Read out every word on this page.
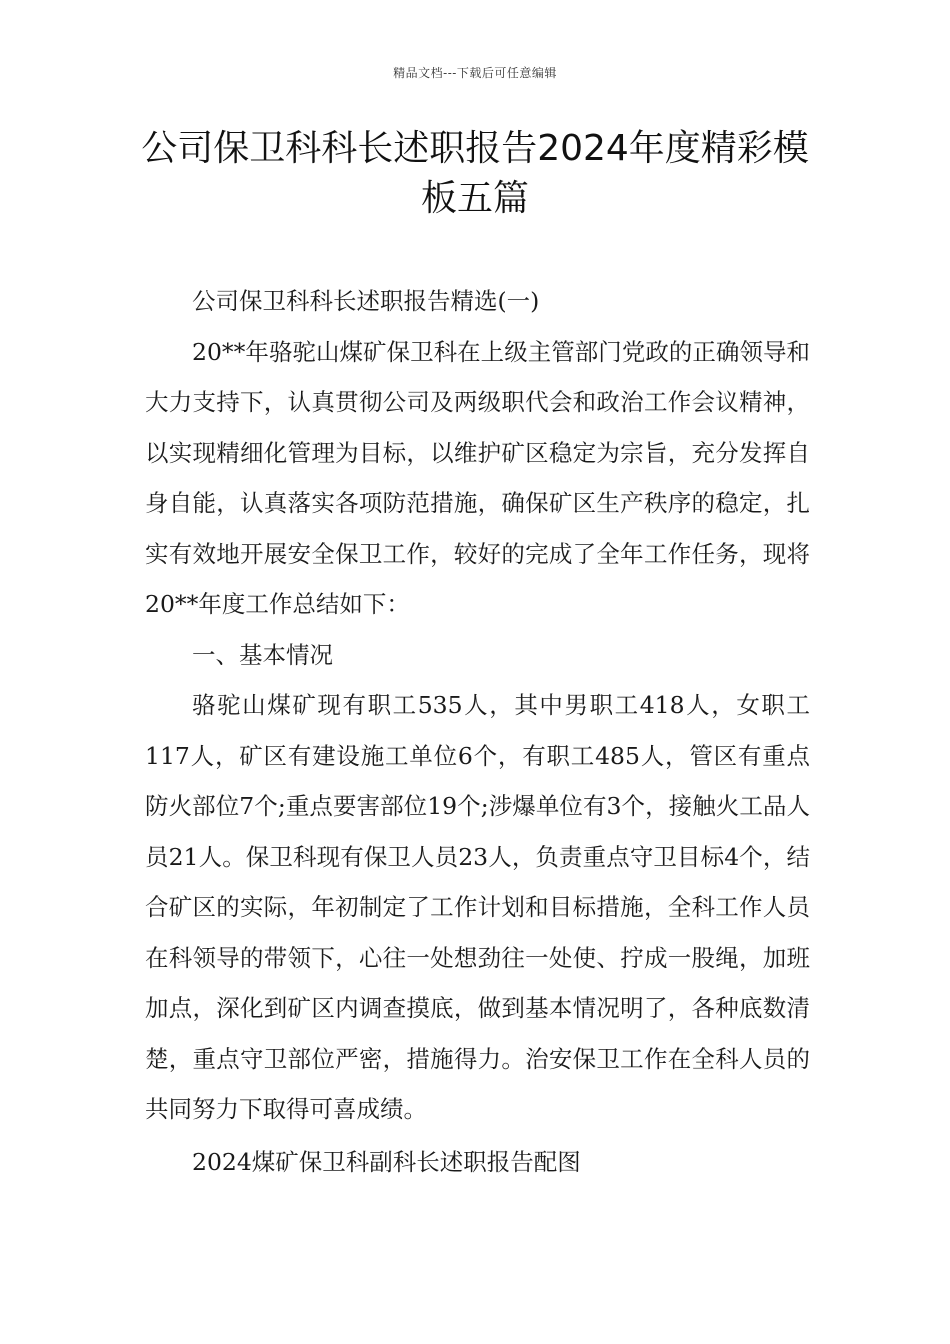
精品文档---下载后可任意编辑
公司保卫科科长述职报告2024年度精彩模板五篇

公司保卫科科长述职报告精选(一)

20**年骆驼山煤矿保卫科在上级主管部门党政的正确领导和大力支持下，认真贯彻公司及两级职代会和政治工作会议精神，以实现精细化管理为目标，以维护矿区稳定为宗旨，充分发挥自身自能，认真落实各项防范措施，确保矿区生产秩序的稳定，扎实有效地开展安全保卫工作，较好的完成了全年工作任务，现将20**年度工作总结如下：

一、基本情况

骆驼山煤矿现有职工535人，其中男职工418人，女职工117人，矿区有建设施工单位6个，有职工485人，管区有重点防火部位7个;重点要害部位19个;涉爆单位有3个，接触火工品人员21人。保卫科现有保卫人员23人，负责重点守卫目标4个，结合矿区的实际，年初制定了工作计划和目标措施，全科工作人员在科领导的带领下，心往一处想劲往一处使、拧成一股绳，加班加点，深化到矿区内调查摸底，做到基本情况明了，各种底数清楚，重点守卫部位严密，措施得力。治安保卫工作在全科人员的共同努力下取得可喜成绩。

2024煤矿保卫科副科长述职报告配图
